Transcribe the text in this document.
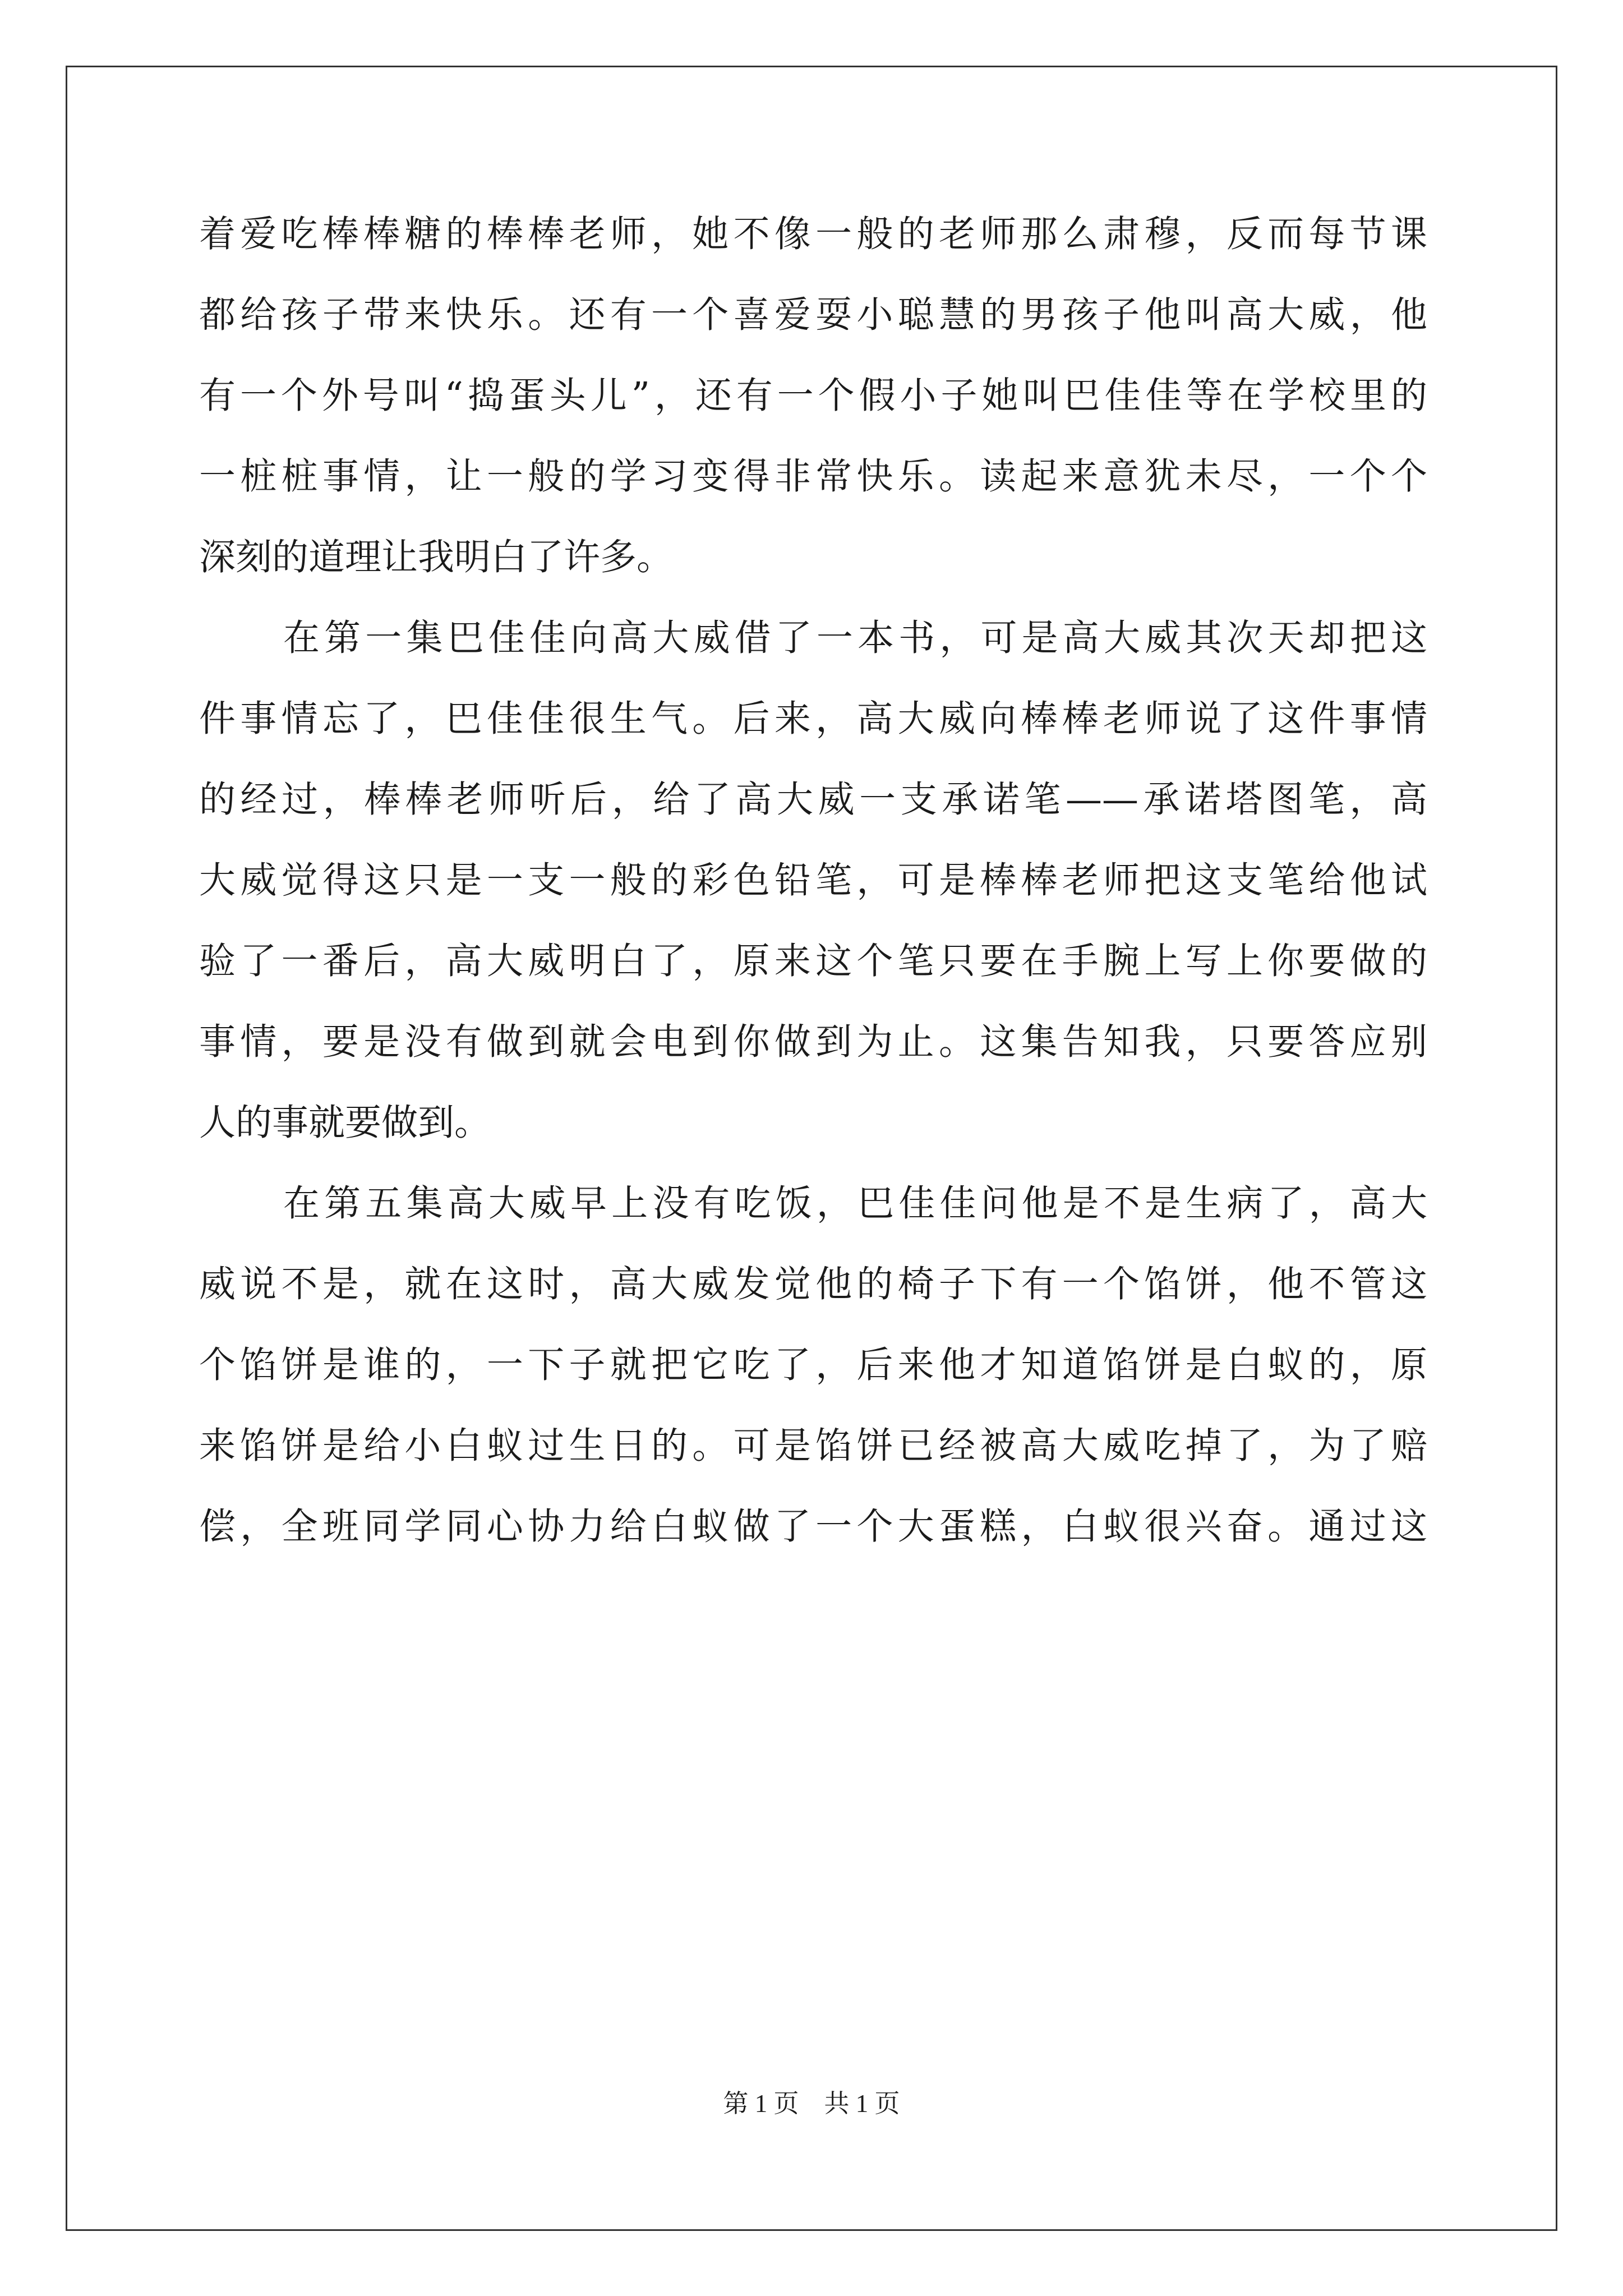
着爱吃棒棒糖的棒棒老师，她不像一般的老师那么肃穆，反而每节课

都给孩子带来快乐。还有一个喜爱耍小聪慧的男孩子他叫高大威，他

有一个外号叫“捣蛋头儿”，还有一个假小子她叫巴佳佳等在学校里的

一桩桩事情，让一般的学习变得非常快乐。读起来意犹未尽，一个个

深刻的道理让我明白了许多。

在第一集巴佳佳向高大威借了一本书，可是高大威其次天却把这

件事情忘了，巴佳佳很生气。后来，高大威向棒棒老师说了这件事情

的经过，棒棒老师听后，给了高大威一支承诺笔——承诺塔图笔，高

大威觉得这只是一支一般的彩色铅笔，可是棒棒老师把这支笔给他试

验了一番后，高大威明白了，原来这个笔只要在手腕上写上你要做的

事情，要是没有做到就会电到你做到为止。这集告知我，只要答应别

人的事就要做到。

在第五集高大威早上没有吃饭，巴佳佳问他是不是生病了，高大

威说不是，就在这时，高大威发觉他的椅子下有一个馅饼，他不管这

个馅饼是谁的，一下子就把它吃了，后来他才知道馅饼是白蚁的，原

来馅饼是给小白蚁过生日的。可是馅饼已经被高大威吃掉了，为了赔

偿，全班同学同心协力给白蚁做了一个大蛋糕，白蚁很兴奋。通过这

第 1 页　共 1 页
